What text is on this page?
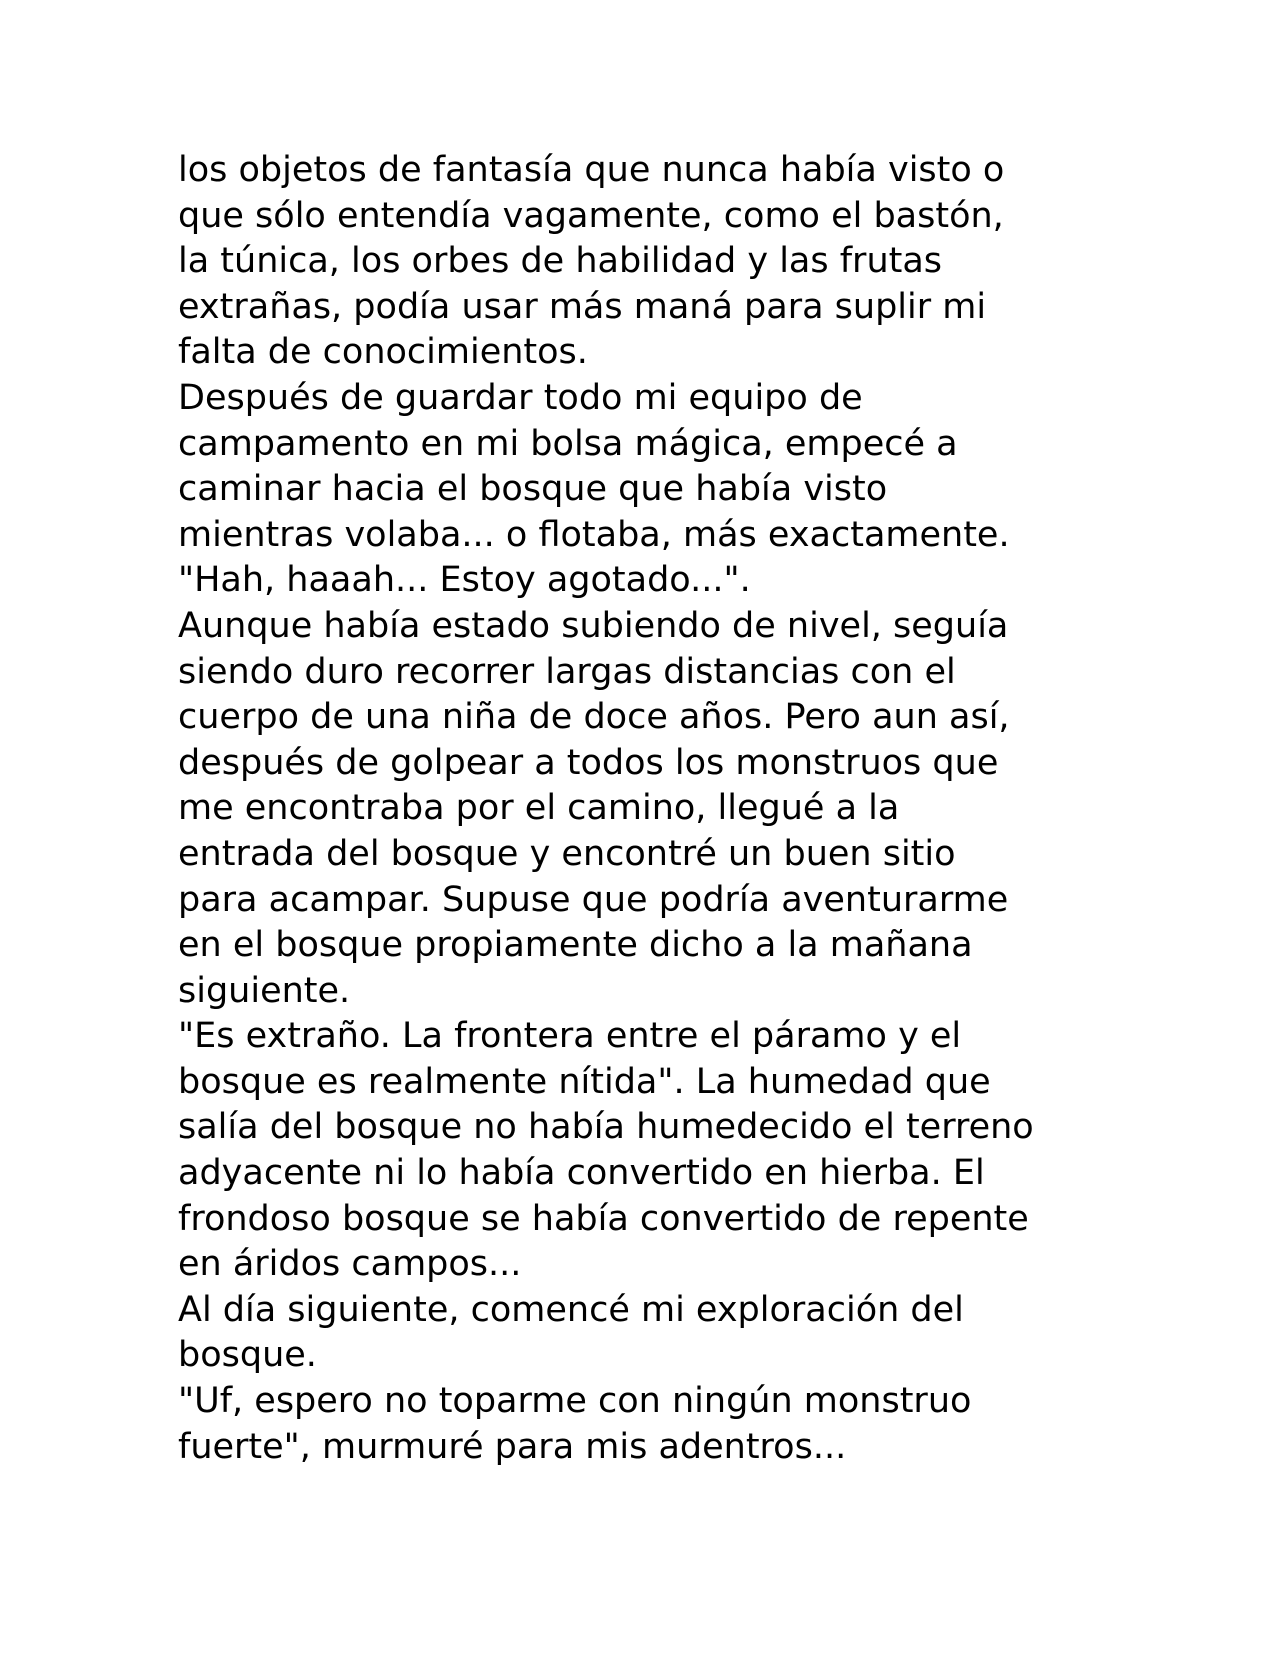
los objetos de fantasía que nunca había visto o
que sólo entendía vagamente, como el bastón,
la túnica, los orbes de habilidad y las frutas
extrañas, podía usar más maná para suplir mi
falta de conocimientos.

Después de guardar todo mi equipo de
campamento en mi bolsa mágica, empecé a
caminar hacia el bosque que había visto
mientras volaba... o flotaba, más exactamente.

"Hah, haaah... Estoy agotado...".

Aunque había estado subiendo de nivel, seguía
siendo duro recorrer largas distancias con el
cuerpo de una niña de doce años. Pero aun así,
después de golpear a todos los monstruos que
me encontraba por el camino, llegué a la
entrada del bosque y encontré un buen sitio
para acampar. Supuse que podría aventurarme
en el bosque propiamente dicho a la mañana
siguiente.

"Es extraño. La frontera entre el páramo y el
bosque es realmente nítida". La humedad que
salía del bosque no había humedecido el terreno
adyacente ni lo había convertido en hierba. El
frondoso bosque se había convertido de repente
en áridos campos...

Al día siguiente, comencé mi exploración del
bosque.

"Uf, espero no toparme con ningún monstruo
fuerte", murmuré para mis adentros...
